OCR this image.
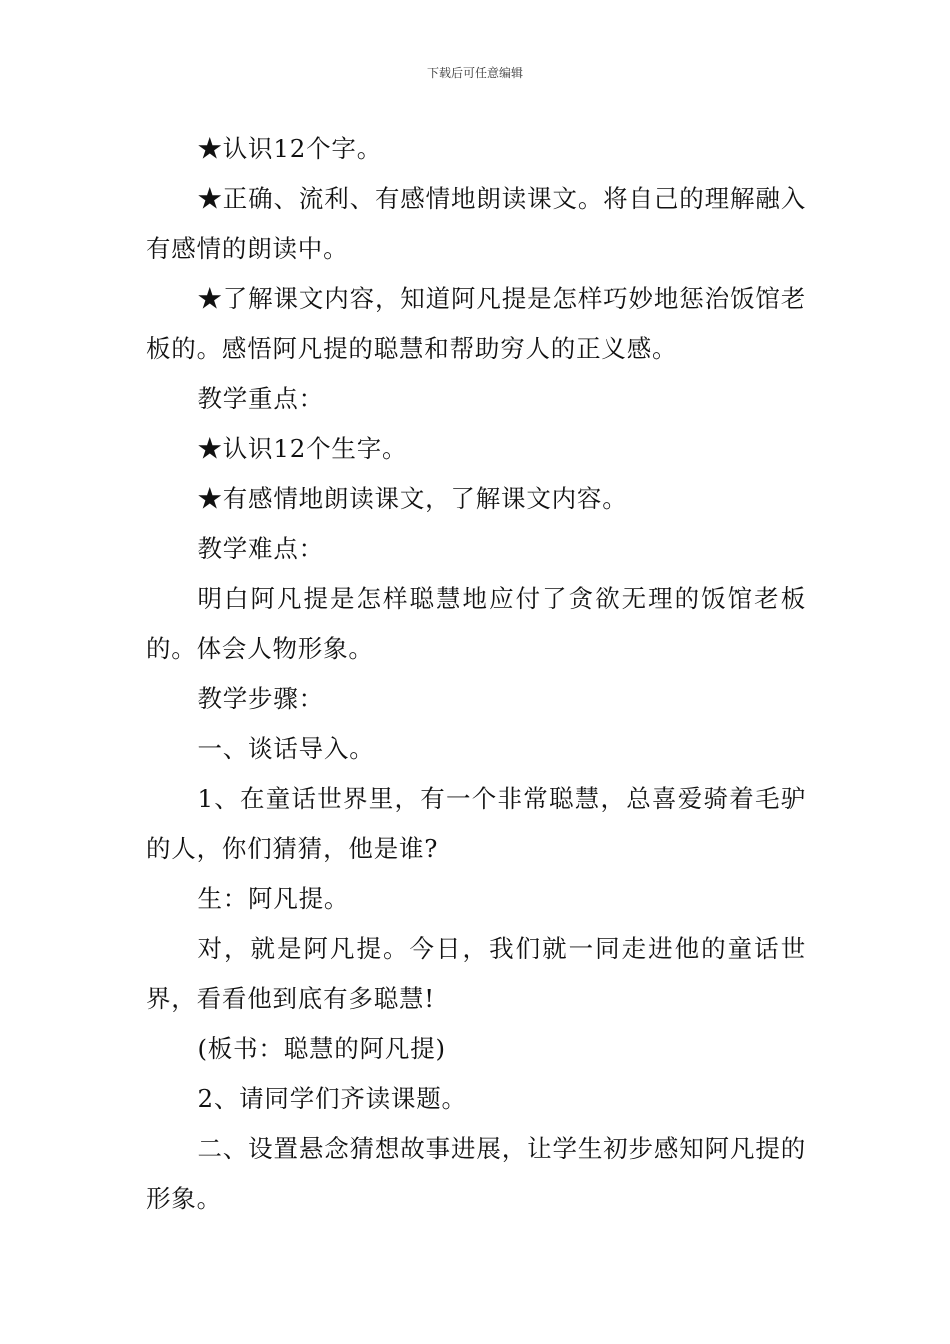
下载后可任意编辑

★认识12个字。

★正确、流利、有感情地朗读课文。将自己的理解融入有感情的朗读中。

★了解课文内容，知道阿凡提是怎样巧妙地惩治饭馆老板的。感悟阿凡提的聪慧和帮助穷人的正义感。

教学重点：

★认识12个生字。

★有感情地朗读课文，了解课文内容。

教学难点：

明白阿凡提是怎样聪慧地应付了贪欲无理的饭馆老板的。体会人物形象。

教学步骤：

一、谈话导入。

1、在童话世界里，有一个非常聪慧，总喜爱骑着毛驴的人，你们猜猜，他是谁?

生：阿凡提。

对，就是阿凡提。今日，我们就一同走进他的童话世界，看看他到底有多聪慧!

(板书：聪慧的阿凡提)

2、请同学们齐读课题。

二、设置悬念猜想故事进展，让学生初步感知阿凡提的形象。
